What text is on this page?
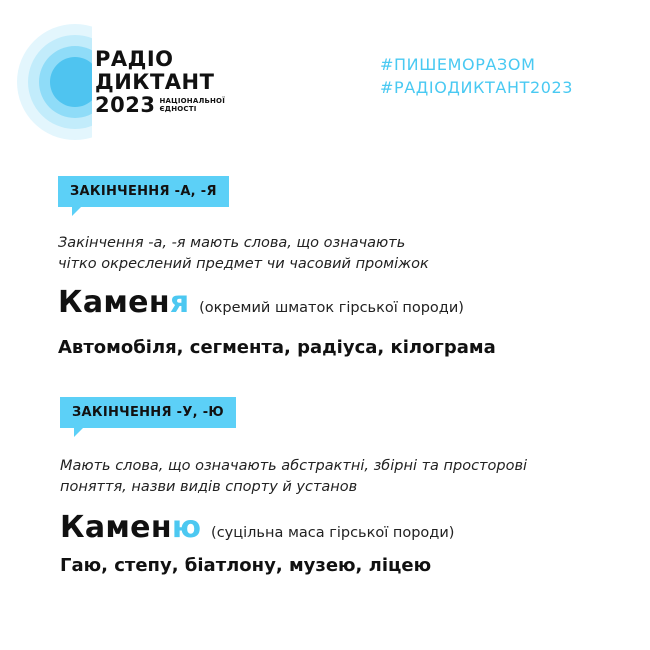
РАДІО
ДИКТАНТ
2023 НАЦІОНАЛЬНОЇ
ЄДНОСТІ
#ПИШЕМОРАЗОМ
#РАДІОДИКТАНТ2023
ЗАКІНЧЕННЯ -А, -Я
Закінчення -а, -я мають слова, що означають
чітко окреслений предмет чи часовий проміжок
Камен я (окремий шматок гірської породи)
Автомобіля, сегмента, радіуса, кілограма
ЗАКІНЧЕННЯ -У, -Ю
Мають слова, що означають абстрактні, збірні та просторові
поняття, назви видів спорту й установ
Камен ю (суцільна маса гірської породи)
Гаю, степу, біатлону, музею, ліцею
